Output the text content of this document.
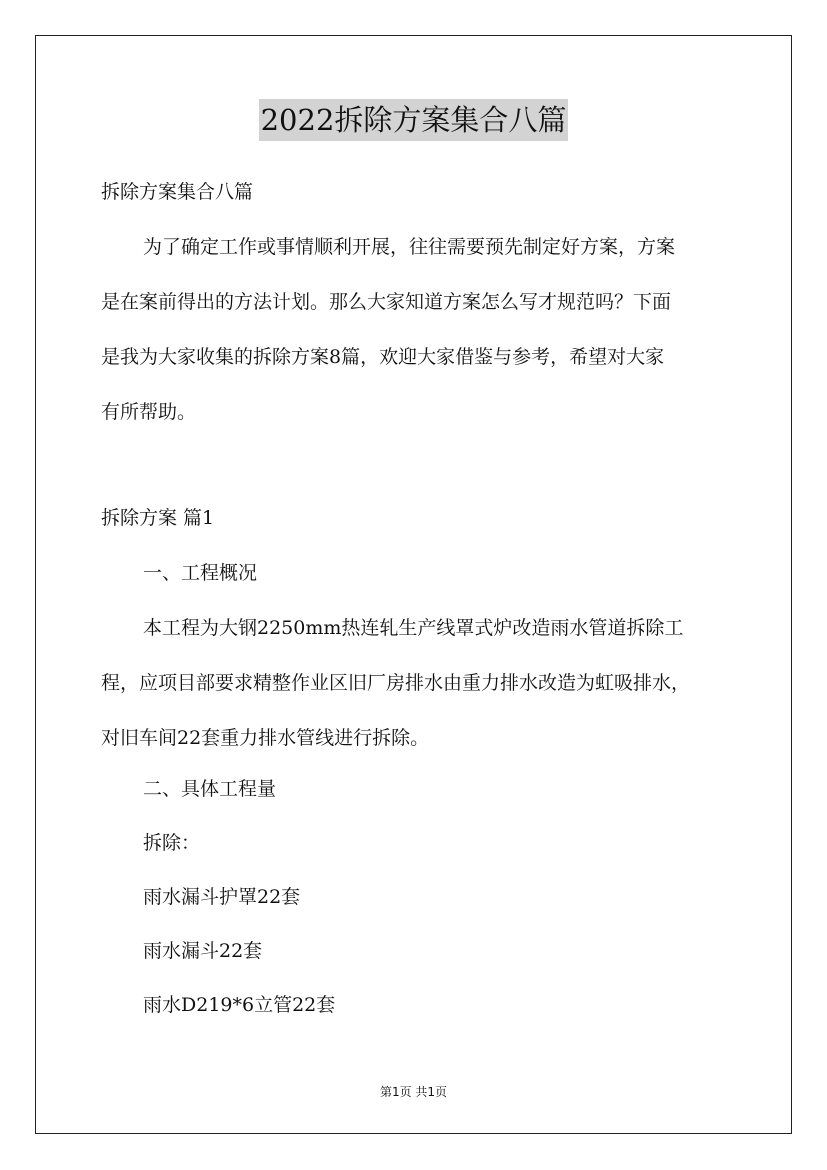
2022拆除方案集合八篇

拆除方案集合八篇

为了确定工作或事情顺利开展，往往需要预先制定好方案，方案
是在案前得出的方法计划。那么大家知道方案怎么写才规范吗？下面
是我为大家收集的拆除方案8篇，欢迎大家借鉴与参考，希望对大家
有所帮助。

拆除方案 篇1

一、工程概况

本工程为大钢2250mm热连轧生产线罩式炉改造雨水管道拆除工
程，应项目部要求精整作业区旧厂房排水由重力排水改造为虹吸排水，
对旧车间22套重力排水管线进行拆除。

二、具体工程量

拆除：

雨水漏斗护罩22套

雨水漏斗22套

雨水D219*6立管22套

第1页 共1页
